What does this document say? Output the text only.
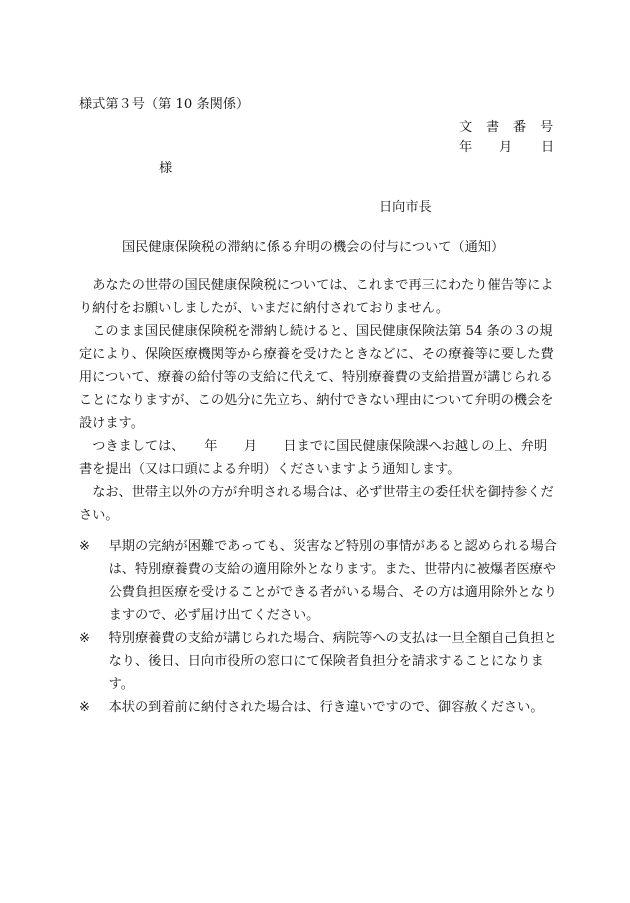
様式第３号（第 10 条関係）
文 書 番 号
年 月 日
様
日向市長
国民健康保険税の滞納に係る弁明の機会の付与について（通知）

あなたの世帯の国民健康保険税については、これまで再三にわたり催告等により納付をお願いしましたが、いまだに納付されておりません。

このまま国民健康保険税を滞納し続けると、国民健康保険法第 54 条の３の規定により、保険医療機関等から療養を受けたときなどに、その療養等に要した費用について、療養の給付等の支給に代えて、特別療養費の支給措置が講じられることになりますが、この処分に先立ち、納付できない理由について弁明の機会を設けます。

つきましては、　　年　　月　　日までに国民健康保険課へお越しの上、弁明書を提出（又は口頭による弁明）くださいますよう通知します。

なお、世帯主以外の方が弁明される場合は、必ず世帯主の委任状を御持参ください。

※	早期の完納が困難であっても、災害など特別の事情があると認められる場合は、特別療養費の支給の適用除外となります。また、世帯内に被爆者医療や公費負担医療を受けることができる者がいる場合、その方は適用除外となりますので、必ず届け出てください。
※	特別療養費の支給が講じられた場合、病院等への支払は一旦全額自己負担となり、後日、日向市役所の窓口にて保険者負担分を請求することになります。
※	本状の到着前に納付された場合は、行き違いですので、御容赦ください。
